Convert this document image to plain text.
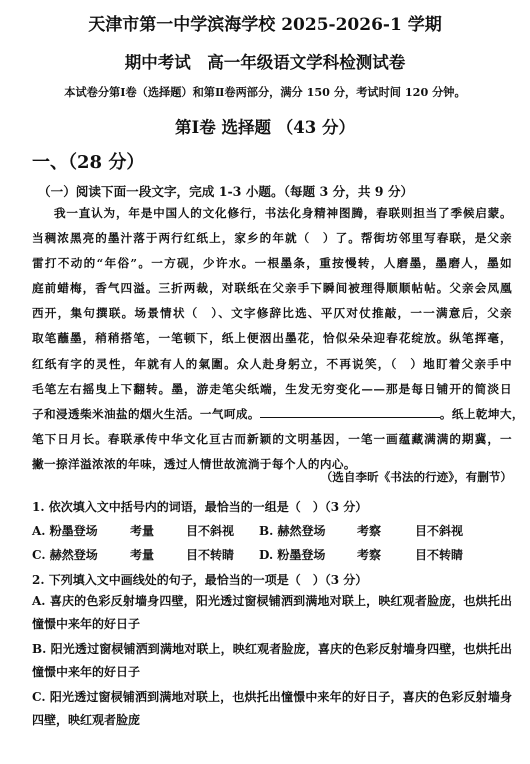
天津市第一中学滨海学校 2025-2026-1 学期
期中考试　高一年级语文学科检测试卷
本试卷分第Ⅰ卷（选择题）和第Ⅱ卷两部分，满分 150 分，考试时间 120 分钟。
第Ⅰ卷 选择题 （43 分）
一、（28 分）
（一）阅读下面一段文字，完成 1-3 小题。（每题 3 分，共 9 分）
我一直认为，年是中国人的文化修行，书法化身精神图腾，春联则担当了季候启蒙。
当稠浓黑亮的墨汁落于两行红纸上，家乡的年就（　）了。帮街坊邻里写春联，是父亲
雷打不动的“年俗”。一方砚，少许水。一根墨条，重按慢转，人磨墨，墨磨人，墨如
庭前蜡梅，香气四溢。三折两裁，对联纸在父亲手下瞬间被理得顺顺帖帖。父亲会凤凰
西开，集句撰联。场景情状（　）、文字修辞比选、平仄对仗推敲，一一满意后，父亲
取笔蘸墨，稍稍搭笔，一笔顿下，纸上便洇出墨花，恰似朵朵迎春花绽放。纵笔挥毫，
红纸有字的灵性，年就有人的氣圍。众人赴身躬立，不再说笑，（　）地盯着父亲手中
毛笔左右摇曳上下翻转。墨，游走笔尖纸端，生发无穷变化——那是每日铺开的简淡日
子和浸透柴米油盐的烟火生活。一气呵成。	。纸上乾坤大，
笔下日月长。春联承传中华文化亘古而新颖的文明基因，一笔一画蕴藏满满的期冀，一
撇一捺洋溢浓浓的年味，透过人情世故流淌于每个人的内心。
（选自李昕《书法的行迹》，有删节）
1. 依次填入文中括号内的词语，最恰当的一组是（　）（3 分）
A. 粉墨登场	考量	目不斜视 B. 赫然登场	考察	目不斜视
C. 赫然登场	考量	目不转睛 D. 粉墨登场	考察	目不转睛
2. 下列填入文中画线处的句子，最恰当的一项是（　）（3 分）
A. 喜庆的色彩反射墙身四壁，阳光透过窗棂铺洒到满地对联上，映红观者脸庞，也烘托出憧憬中来年的好日子
B. 阳光透过窗棂铺洒到满地对联上，映红观者脸庞，喜庆的色彩反射墙身四壁，也烘托出憧憬中来年的好日子
C. 阳光透过窗棂铺洒到满地对联上，也烘托出憧憬中来年的好日子，喜庆的色彩反射墙身四壁，映红观者脸庞
